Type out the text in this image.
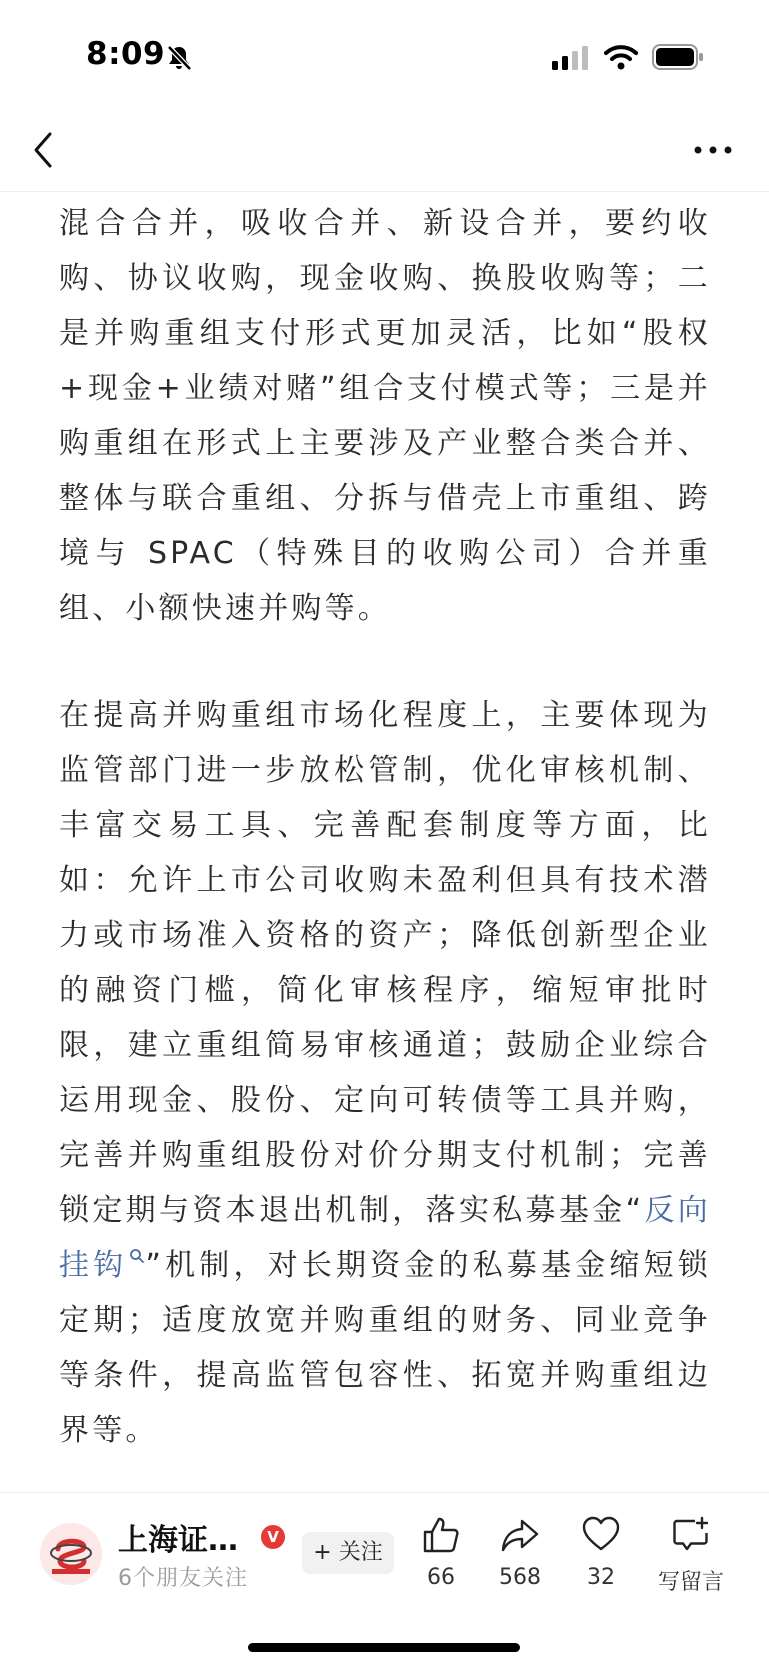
8:09

混合合并，吸收合并、新设合并，要约收购、协议收购，现金收购、换股收购等；二是并购重组支付形式更加灵活，比如“股权+现金+业绩对赌”组合支付模式等；三是并购重组在形式上主要涉及产业整合类合并、整体与联合重组、分拆与借壳上市重组、跨境与 SPAC（特殊目的收购公司）合并重组、小额快速并购等。

在提高并购重组市场化程度上，主要体现为监管部门进一步放松管制，优化审核机制、丰富交易工具、完善配套制度等方面，比如：允许上市公司收购未盈利但具有技术潜力或市场准入资格的资产；降低创新型企业的融资门槛，简化审核程序，缩短审批时限，建立重组简易审核通道；鼓励企业综合运用现金、股份、定向可转债等工具并购，完善并购重组股份对价分期支付机制；完善锁定期与资本退出机制，落实私募基金“反向挂钩 ”机制，对长期资金的私募基金缩短锁定期；适度放宽并购重组的财务、同业竞争等条件，提高监管包容性、拓宽并购重组边界等。

上海证…	V
6个朋友关注
+ 关注
66	568	32	写留言
